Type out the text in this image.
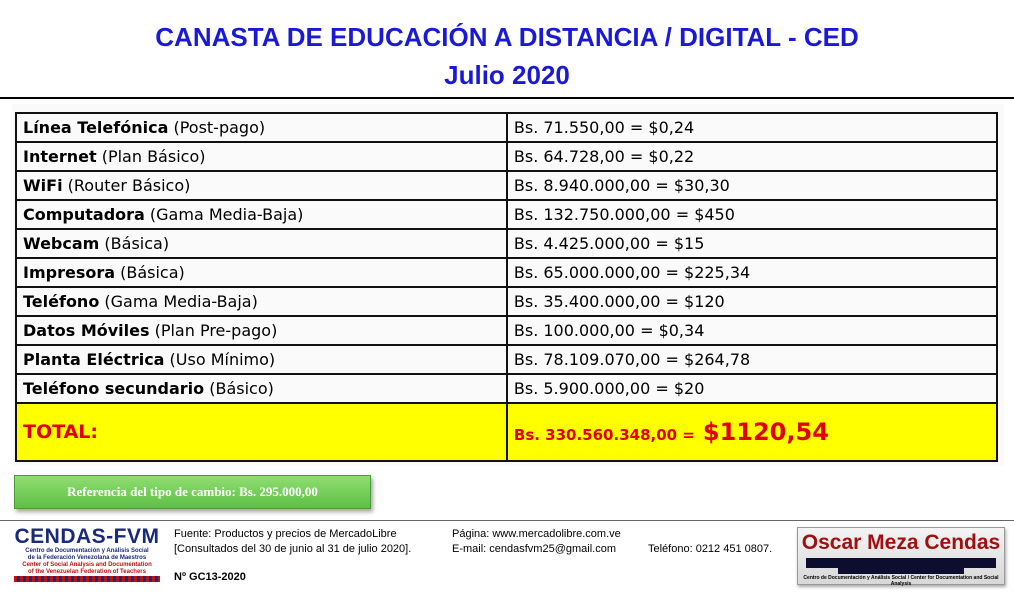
CANASTA DE EDUCACIÓN A DISTANCIA / DIGITAL - CED
Julio 2020
Línea Telefónica (Post-pago)	Bs. 71.550,00 = $0,24
Internet (Plan Básico)	Bs. 64.728,00 = $0,22
WiFi (Router Básico)	Bs. 8.940.000,00 = $30,30
Computadora (Gama Media-Baja)	Bs. 132.750.000,00 = $450
Webcam (Básica)	Bs. 4.425.000,00 = $15
Impresora (Básica)	Bs. 65.000.000,00 = $225,34
Teléfono (Gama Media-Baja)	Bs. 35.400.000,00 = $120
Datos Móviles (Plan Pre-pago)	Bs. 100.000,00 = $0,34
Planta Eléctrica (Uso Mínimo)	Bs. 78.109.070,00 = $264,78
Teléfono secundario (Básico)	Bs. 5.900.000,00 = $20
TOTAL:	Bs. 330.560.348,00 = $1120,54
Referencia del tipo de cambio: Bs. 295.000,00
CENDAS-FVM
Centro de Documentación y Análisis Social
de la Federación Venezolana de Maestros
Center of Social Analysis and Documentation
of the Venezuelan Federation of Teachers
Fuente: Productos y precios de MercadoLibre
[Consultados del 30 de junio al 31 de julio 2020].
Página: www.mercadolibre.com.ve
E-mail: cendasfvm25@gmail.com	Teléfono: 0212 451 0807.
Nº GC13-2020
Oscar Meza Cendas
Centro de Documentación y Análisis Social / Center for Documentation and Social Analysis
